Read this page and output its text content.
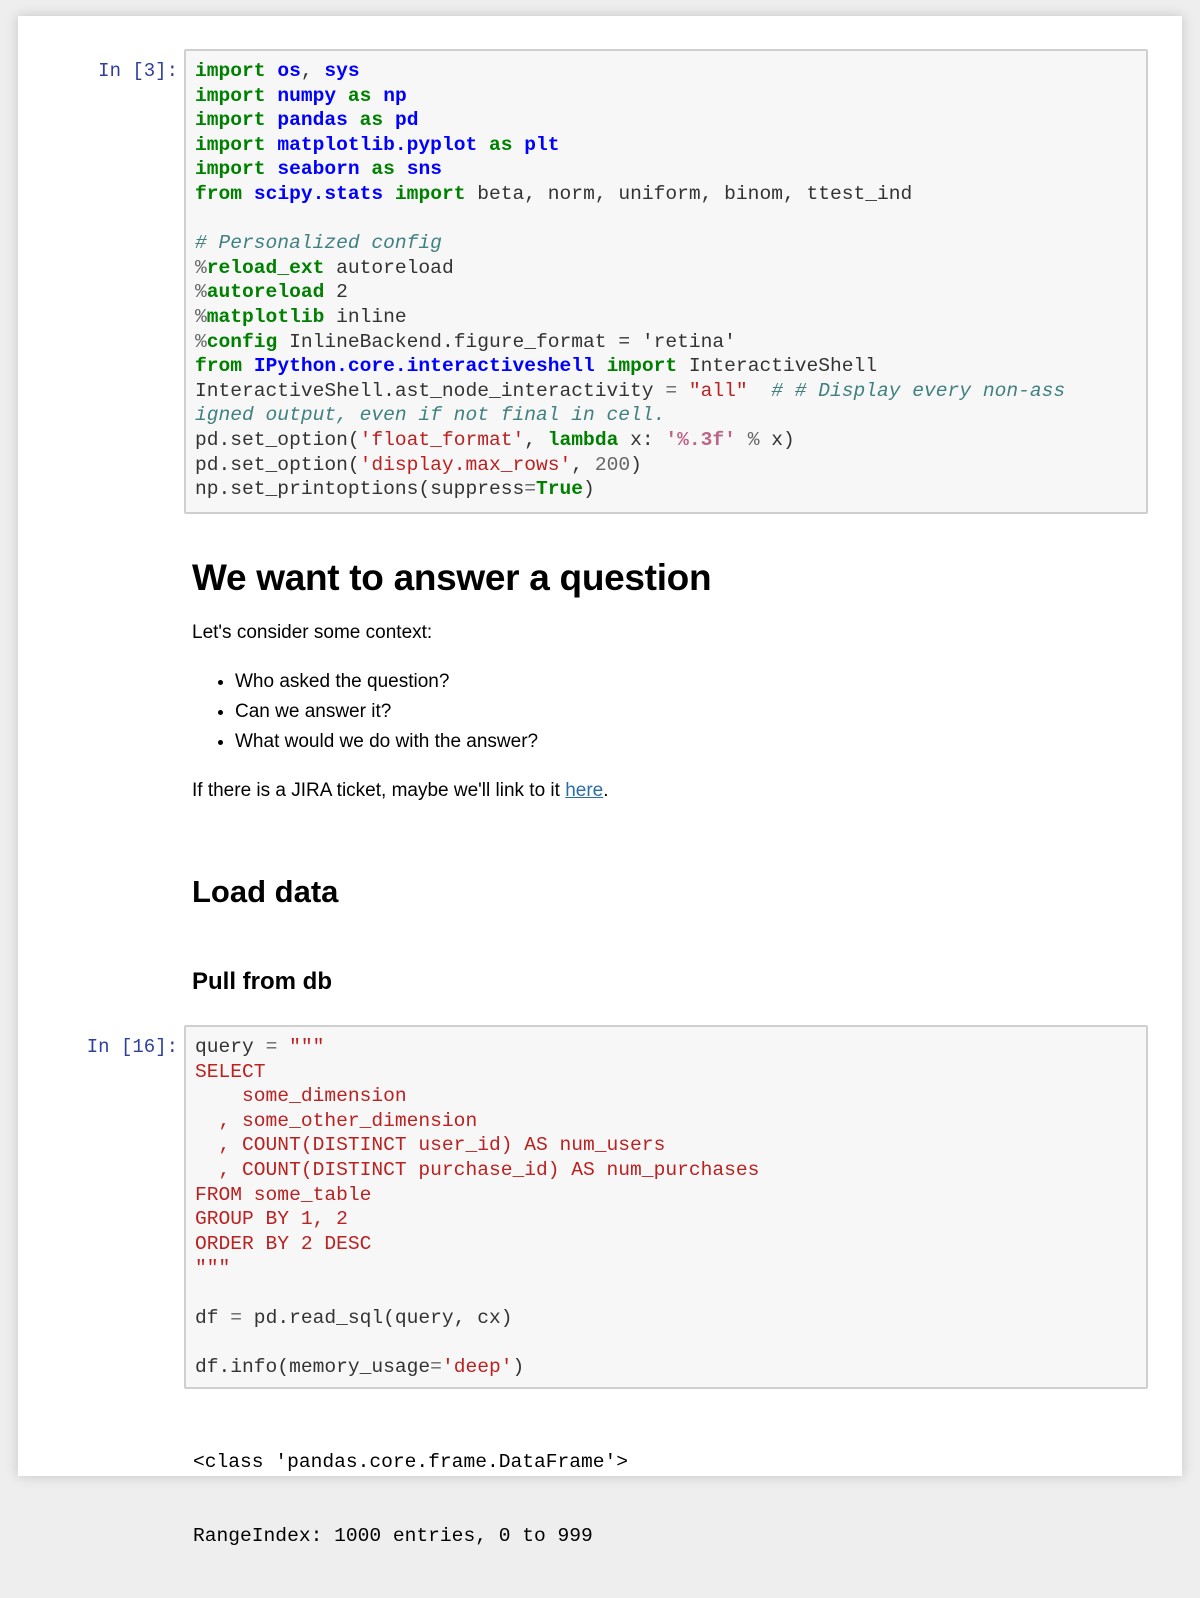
In [3]: import os, sys
import numpy as np
import pandas as pd
import matplotlib.pyplot as plt
import seaborn as sns
from scipy.stats import beta, norm, uniform, binom, ttest_ind

# Personalized config
%reload_ext autoreload
%autoreload 2
%matplotlib inline
%config InlineBackend.figure_format = 'retina'
from IPython.core.interactiveshell import InteractiveShell
InteractiveShell.ast_node_interactivity = "all" # # Display every non-ass
igned output, even if not final in cell.
pd.set_option('float_format', lambda x: '%.3f' % x)
pd.set_option('display.max_rows', 200)
np.set_printoptions(suppress=True)
We want to answer a question

Let's consider some context:

• Who asked the question?
• Can we answer it?
• What would we do with the answer?

If there is a JIRA ticket, maybe we'll link to it here.

Load data
Pull from db
In [16]: query = """
SELECT
some_dimension
, some_other_dimension
, COUNT(DISTINCT user_id) AS num_users
, COUNT(DISTINCT purchase_id) AS num_purchases
FROM some_table
GROUP BY 1, 2
ORDER BY 2 DESC
"""

df = pd.read_sql(query, cx)

df.info(memory_usage='deep')

<class 'pandas.core.frame.DataFrame'>

RangeIndex: 1000 entries, 0 to 999
